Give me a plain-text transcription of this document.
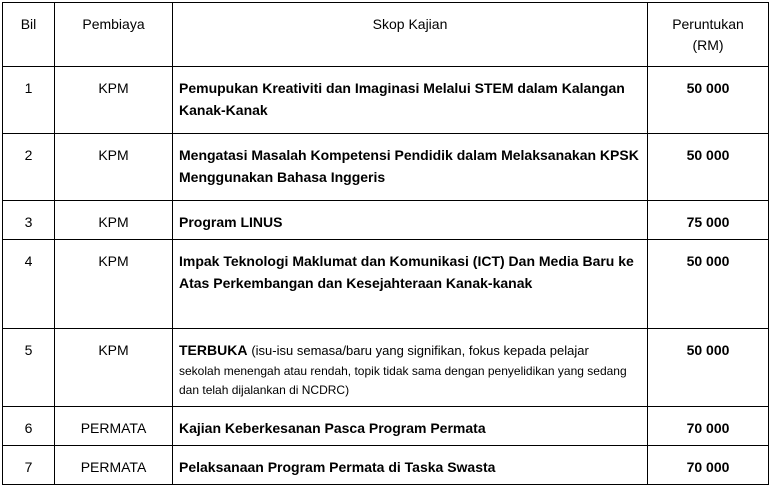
Bil	Pembiaya	Skop Kajian	Peruntukan
(RM)
1	KPM	Pemupukan Kreativiti dan Imaginasi Melalui STEM dalam Kalangan Kanak-Kanak	50 000
2	KPM	Mengatasi Masalah Kompetensi Pendidik dalam Melaksanakan KPSK Menggunakan Bahasa Inggeris	50 000
3	KPM	Program LINUS	75 000
4	KPM	Impak Teknologi Maklumat dan Komunikasi (ICT) Dan Media Baru ke Atas Perkembangan dan Kesejahteraan Kanak-kanak	50 000
5	KPM	TERBUKA (isu-isu semasa/baru yang signifikan, fokus kepada pelajar
sekolah menengah atau rendah, topik tidak sama dengan penyelidikan yang sedang dan telah dijalankan di NCDRC)	50 000
6	PERMATA	Kajian Keberkesanan Pasca Program Permata	70 000
7	PERMATA	Pelaksanaan Program Permata di Taska Swasta	70 000
